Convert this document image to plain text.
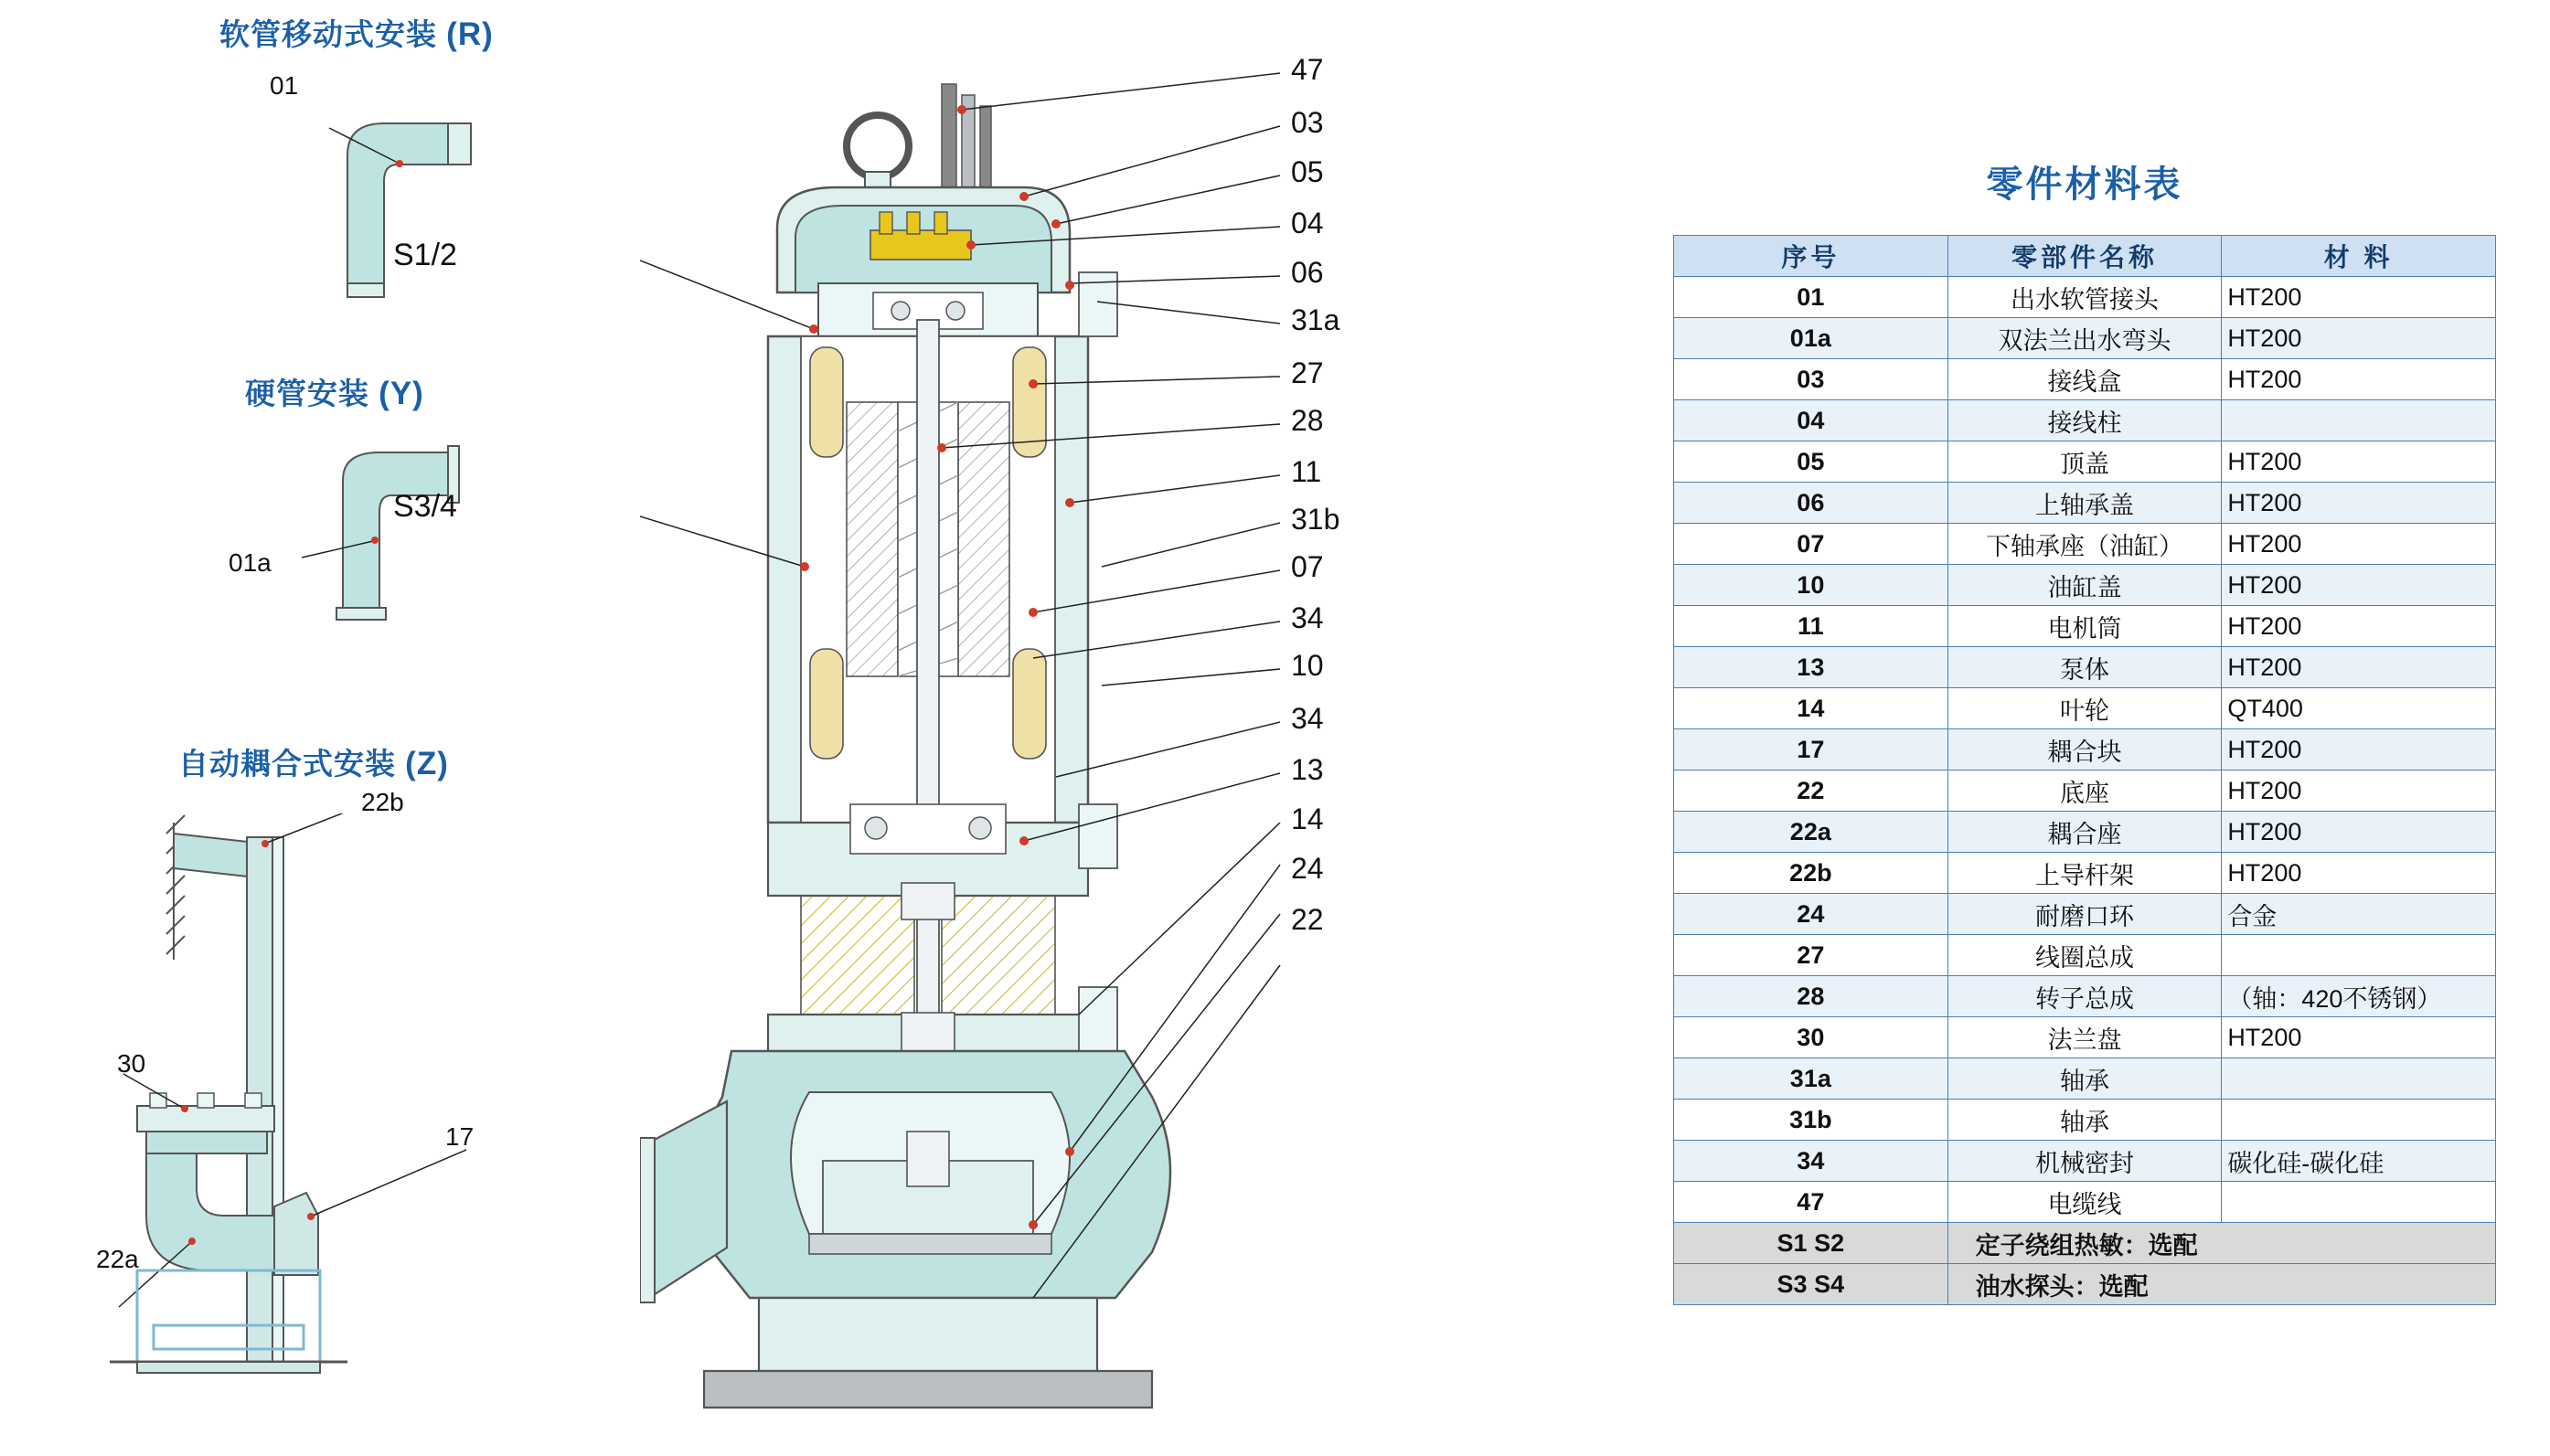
软管移动式安装 (R)
01
硬管安装 (Y)
01a
自动耦合式安装 (Z)
22b
30
17
22a
S1/2
S3/4
47
03
05
04
06
31a
27
28
11
31b
07
34
10
34
13
14
24
22
零件材料表
序号	零部件名称	材 料
01	出水软管接头	HT200
01a	双法兰出水弯头	HT200
03	接线盒	HT200
04	接线柱	
05	顶盖	HT200
06	上轴承盖	HT200
07	下轴承座（油缸）	HT200
10	油缸盖	HT200
11	电机筒	HT200
13	泵体	HT200
14	叶轮	QT400
17	耦合块	HT200
22	底座	HT200
22a	耦合座	HT200
22b	上导杆架	HT200
24	耐磨口环	合金
27	线圈总成	
28	转子总成	（轴：420不锈钢）
30	法兰盘	HT200
31a	轴承	
31b	轴承	
34	机械密封	碳化硅-碳化硅
47	电缆线	
S1 S2	定子绕组热敏：选配	
S3 S4	油水探头：选配	
